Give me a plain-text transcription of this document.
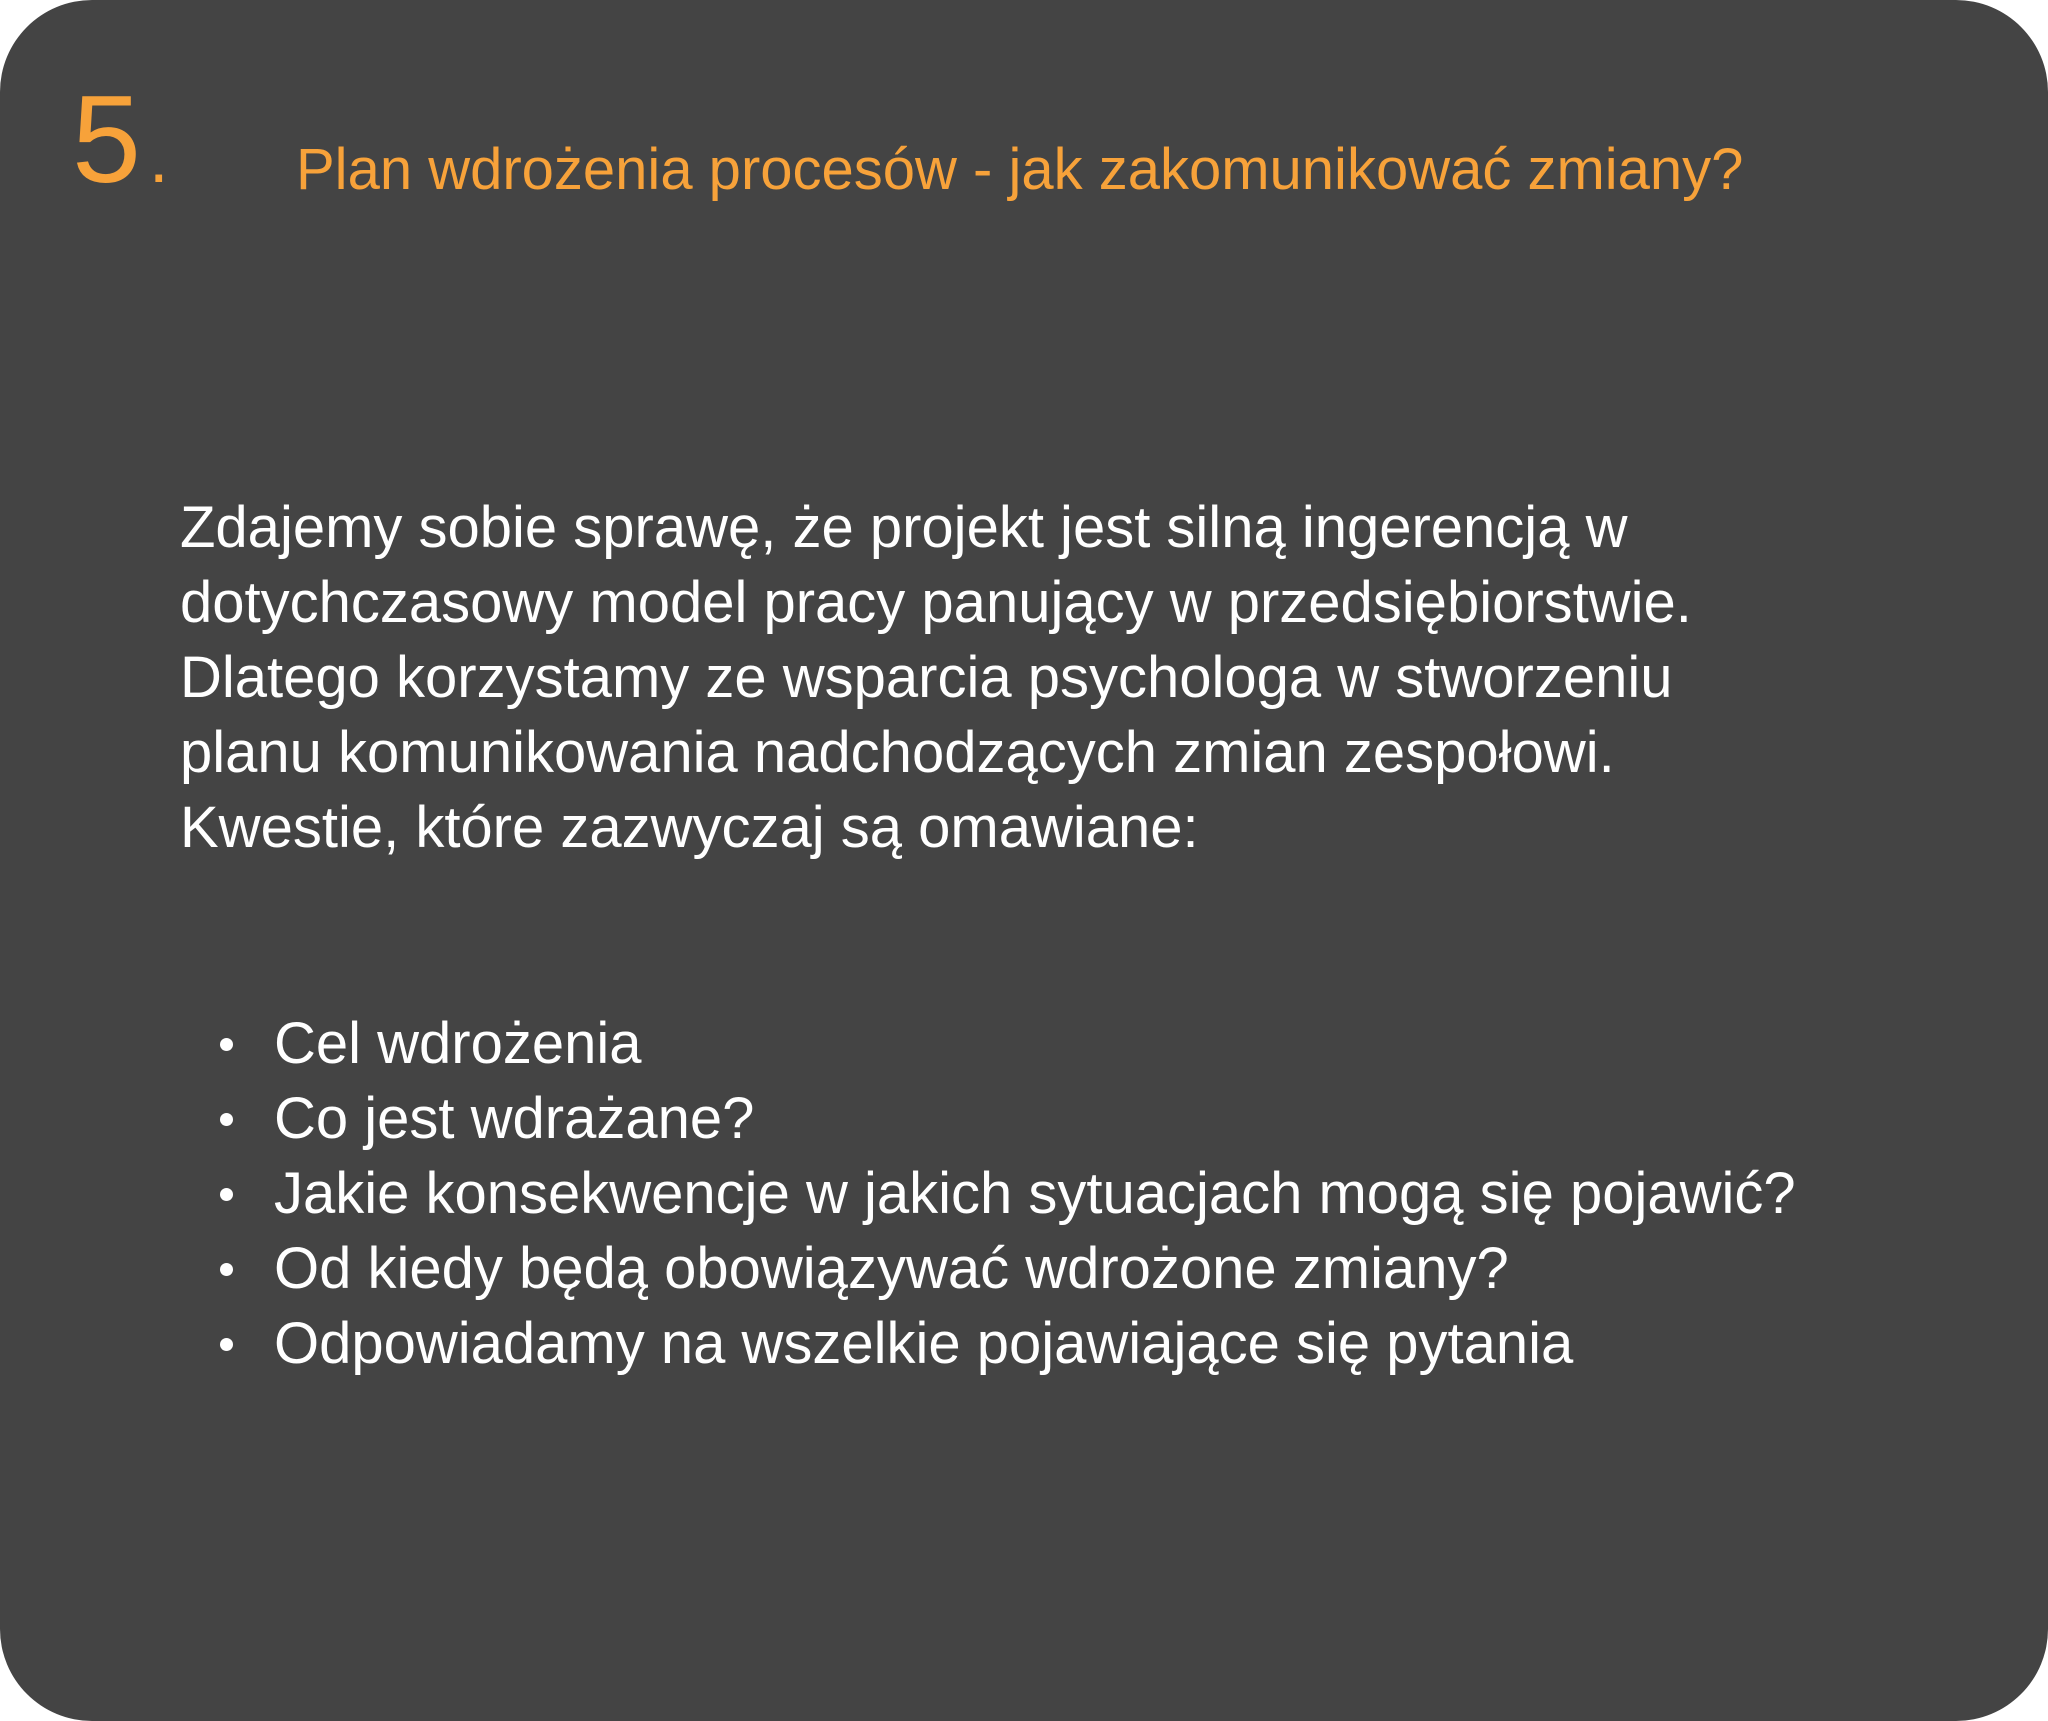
5. Plan wdrożenia procesów - jak zakomunikować zmiany?

Zdajemy sobie sprawę, że projekt jest silną ingerencją w
dotychczasowy model pracy panujący w przedsiębiorstwie.
Dlatego korzystamy ze wsparcia psychologa w stworzeniu
planu komunikowania nadchodzących zmian zespołowi.
Kwestie, które zazwyczaj są omawiane:

Cel wdrożenia
Co jest wdrażane?
Jakie konsekwencje w jakich sytuacjach mogą się pojawić?
Od kiedy będą obowiązywać wdrożone zmiany?
Odpowiadamy na wszelkie pojawiające się pytania
